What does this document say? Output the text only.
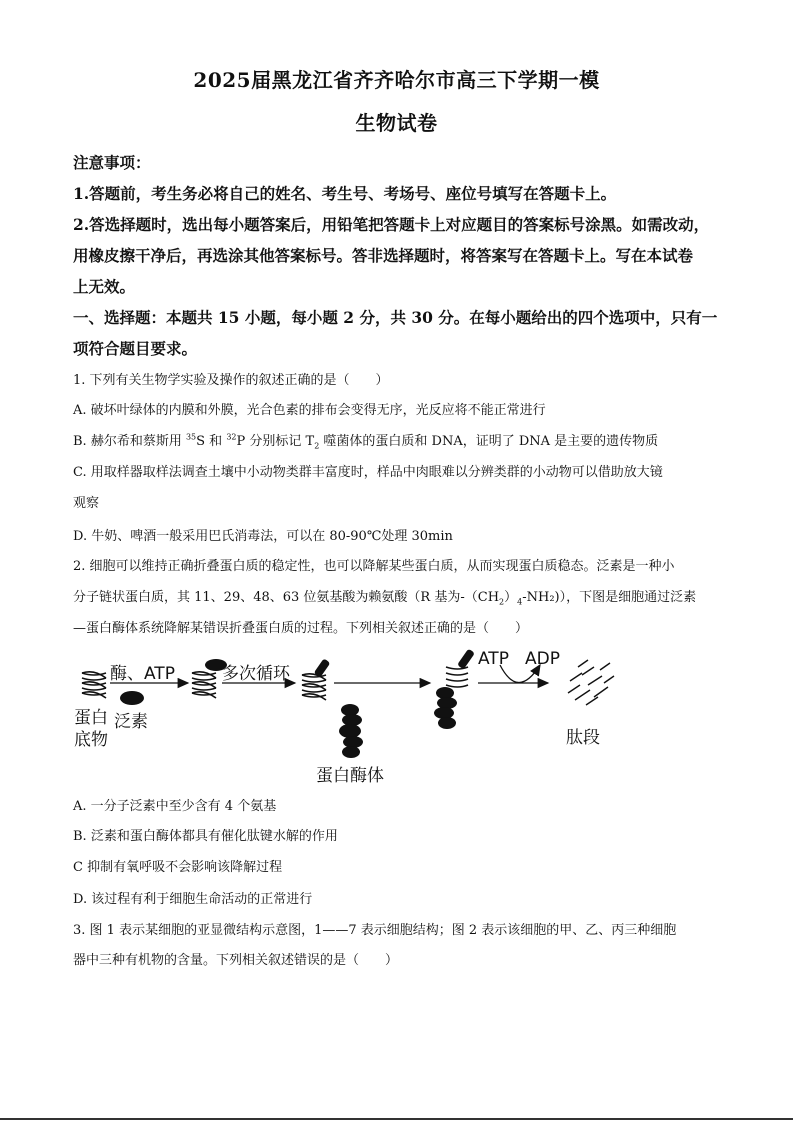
2025届黑龙江省齐齐哈尔市高三下学期一模
生物试卷
注意事项：
1.答题前，考生务必将自己的姓名、考生号、考场号、座位号填写在答题卡上。
2.答选择题时，选出每小题答案后，用铅笔把答题卡上对应题目的答案标号涂黑。如需改动，
用橡皮擦干净后，再选涂其他答案标号。答非选择题时，将答案写在答题卡上。写在本试卷
上无效。
一、选择题：本题共 15 小题，每小题 2 分，共 30 分。在每小题给出的四个选项中，只有一
项符合题目要求。
1. 下列有关生物学实验及操作的叙述正确的是（　　）
A. 破坏叶绿体的内膜和外膜，光合色素的排布会变得无序，光反应将不能正常进行
B. 赫尔希和蔡斯用 $^{35}$S 和 $^{32}$P 分别标记 $T_2$ 噬菌体的蛋白质和 DNA，证明了 DNA 是主要的遗传物质
C. 用取样器取样法调查土壤中小动物类群丰富度时，样品中肉眼难以分辨类群的小动物可以借助放大镜
观察
D. 牛奶、啤酒一般采用巴氏消毒法，可以在 80-90℃处理 30min
2. 细胞可以维持正确折叠蛋白质的稳定性，也可以降解某些蛋白质，从而实现蛋白质稳态。泛素是一种小
分子链状蛋白质，其 11、29、48、63 位氨基酸为赖氨酸（R 基为$-(CH_2)_4-NH_2$)），下图是细胞通过泛素
—蛋白酶体系统降解某错误折叠蛋白质的过程。下列相关叙述正确的是（　　）
酶、ATP	多次循环
ATP ADP
蛋白
底物
泛素
蛋白酶体
肽段
A. 一分子泛素中至少含有 4 个氨基
B. 泛素和蛋白酶体都具有催化肽键水解的作用
C 抑制有氧呼吸不会影响该降解过程
D. 该过程有利于细胞生命活动的正常进行
3. 图 1 表示某细胞的亚显微结构示意图，1——7 表示细胞结构；图 2 表示该细胞的甲、乙、丙三种细胞
器中三种有机物的含量。下列相关叙述错误的是（　　）
